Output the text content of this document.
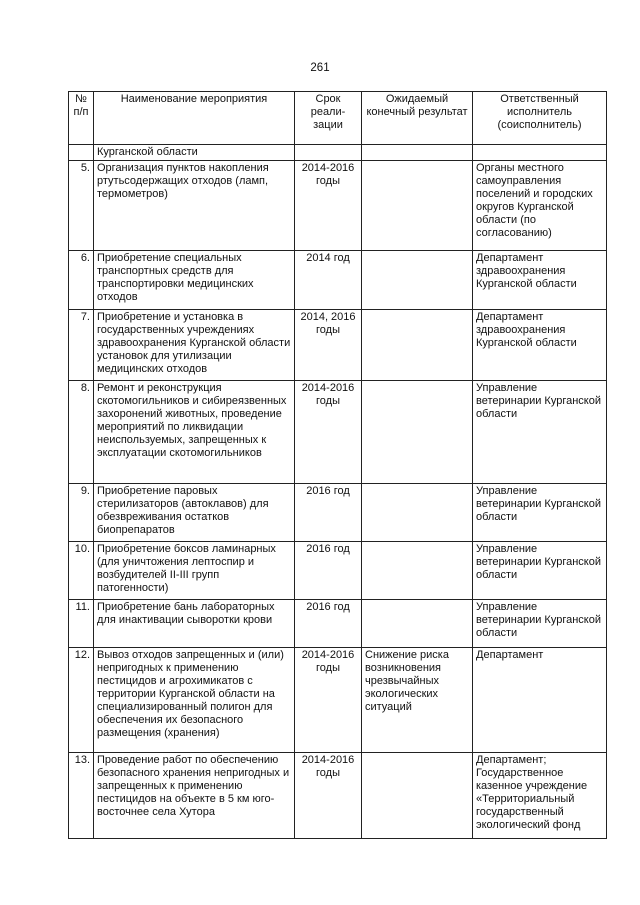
261
№ п/п	Наименование мероприятия	Срок реали-зации	Ожидаемый конечный результат	Ответственный исполнитель (соисполнитель)
	Курганской области			
5.	Организация пунктов накопления ртутьсодержащих отходов (ламп, термометров)	2014-2016 годы		Органы местного самоуправления поселений и городских округов Курганской области (по согласованию)
6.	Приобретение специальных транспортных средств для транспортировки медицинских отходов	2014 год		Департамент здравоохранения Курганской области
7.	Приобретение и установка в государственных учреждениях здравоохранения Курганской области установок для утилизации медицинских отходов	2014, 2016 годы		Департамент здравоохранения Курганской области
8.	Ремонт и реконструкция скотомогильников и сибиреязвенных захоронений животных, проведение мероприятий по ликвидации неиспользуемых, запрещенных к эксплуатации скотомогильников	2014-2016 годы		Управление ветеринарии Курганской области
9.	Приобретение паровых стерилизаторов (автоклавов) для обезвреживания остатков биопрепаратов	2016 год		Управление ветеринарии Курганской области
10.	Приобретение боксов ламинарных (для уничтожения лептоспир и возбудителей II-III групп патогенности)	2016 год		Управление ветеринарии Курганской области
11.	Приобретение бань лабораторных для инактивации сыворотки крови	2016 год		Управление ветеринарии Курганской области
12.	Вывоз отходов запрещенных и (или) непригодных к применению пестицидов и агрохимикатов с территории Курганской области на специализированный полигон для обеспечения их безопасного размещения (хранения)	2014-2016 годы	Снижение риска возникновения чрезвычайных экологических ситуаций	Департамент
13.	Проведение работ по обеспечению безопасного хранения непригодных и запрещенных к применению пестицидов на объекте в 5 км юго-восточнее села Хутора	2014-2016 годы		Департамент; Государственное казенное учреждение «Территориальный государственный экологический фонд
